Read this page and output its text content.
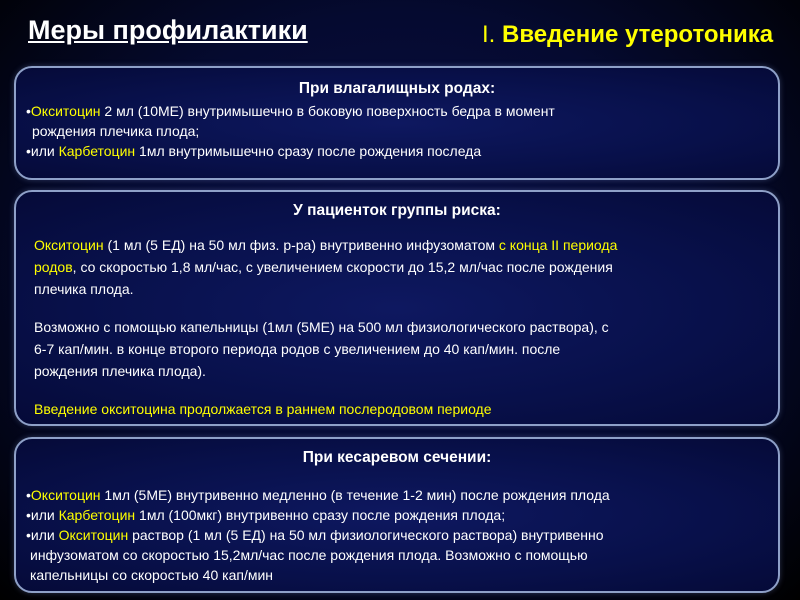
Меры профилактики	I. Введение утеротоника
При влагалищных родах:
•Окситоцин 2 мл (10МЕ) внутримышечно в боковую поверхность бедра в момент
рождения плечика плода;
•или Карбетоцин 1мл внутримышечно сразу после рождения последа
У пациенток группы риска:
Окситоцин (1 мл (5 ЕД) на 50 мл физ. р-ра) внутривенно инфузоматом с конца II периода
родов, со скоростью 1,8 мл/час, с увеличением скорости до 15,2 мл/час после рождения
плечика плода.
Возможно с помощью капельницы (1мл (5МЕ) на 500 мл физиологического раствора), с
6-7 кап/мин. в конце второго периода родов с увеличением до 40 кап/мин. после
рождения плечика плода).
Введение окситоцина продолжается в раннем послеродовом периоде
При кесаревом сечении:
•Окситоцин 1мл (5МЕ) внутривенно медленно (в течение 1-2 мин) после рождения плода
•или Карбетоцин 1мл (100мкг) внутривенно сразу после рождения плода;
•или Окситоцин раствор (1 мл (5 ЕД) на 50 мл физиологического раствора) внутривенно
инфузоматом со скоростью 15,2мл/час после рождения плода. Возможно с помощью
капельницы со скоростью 40 кап/мин
